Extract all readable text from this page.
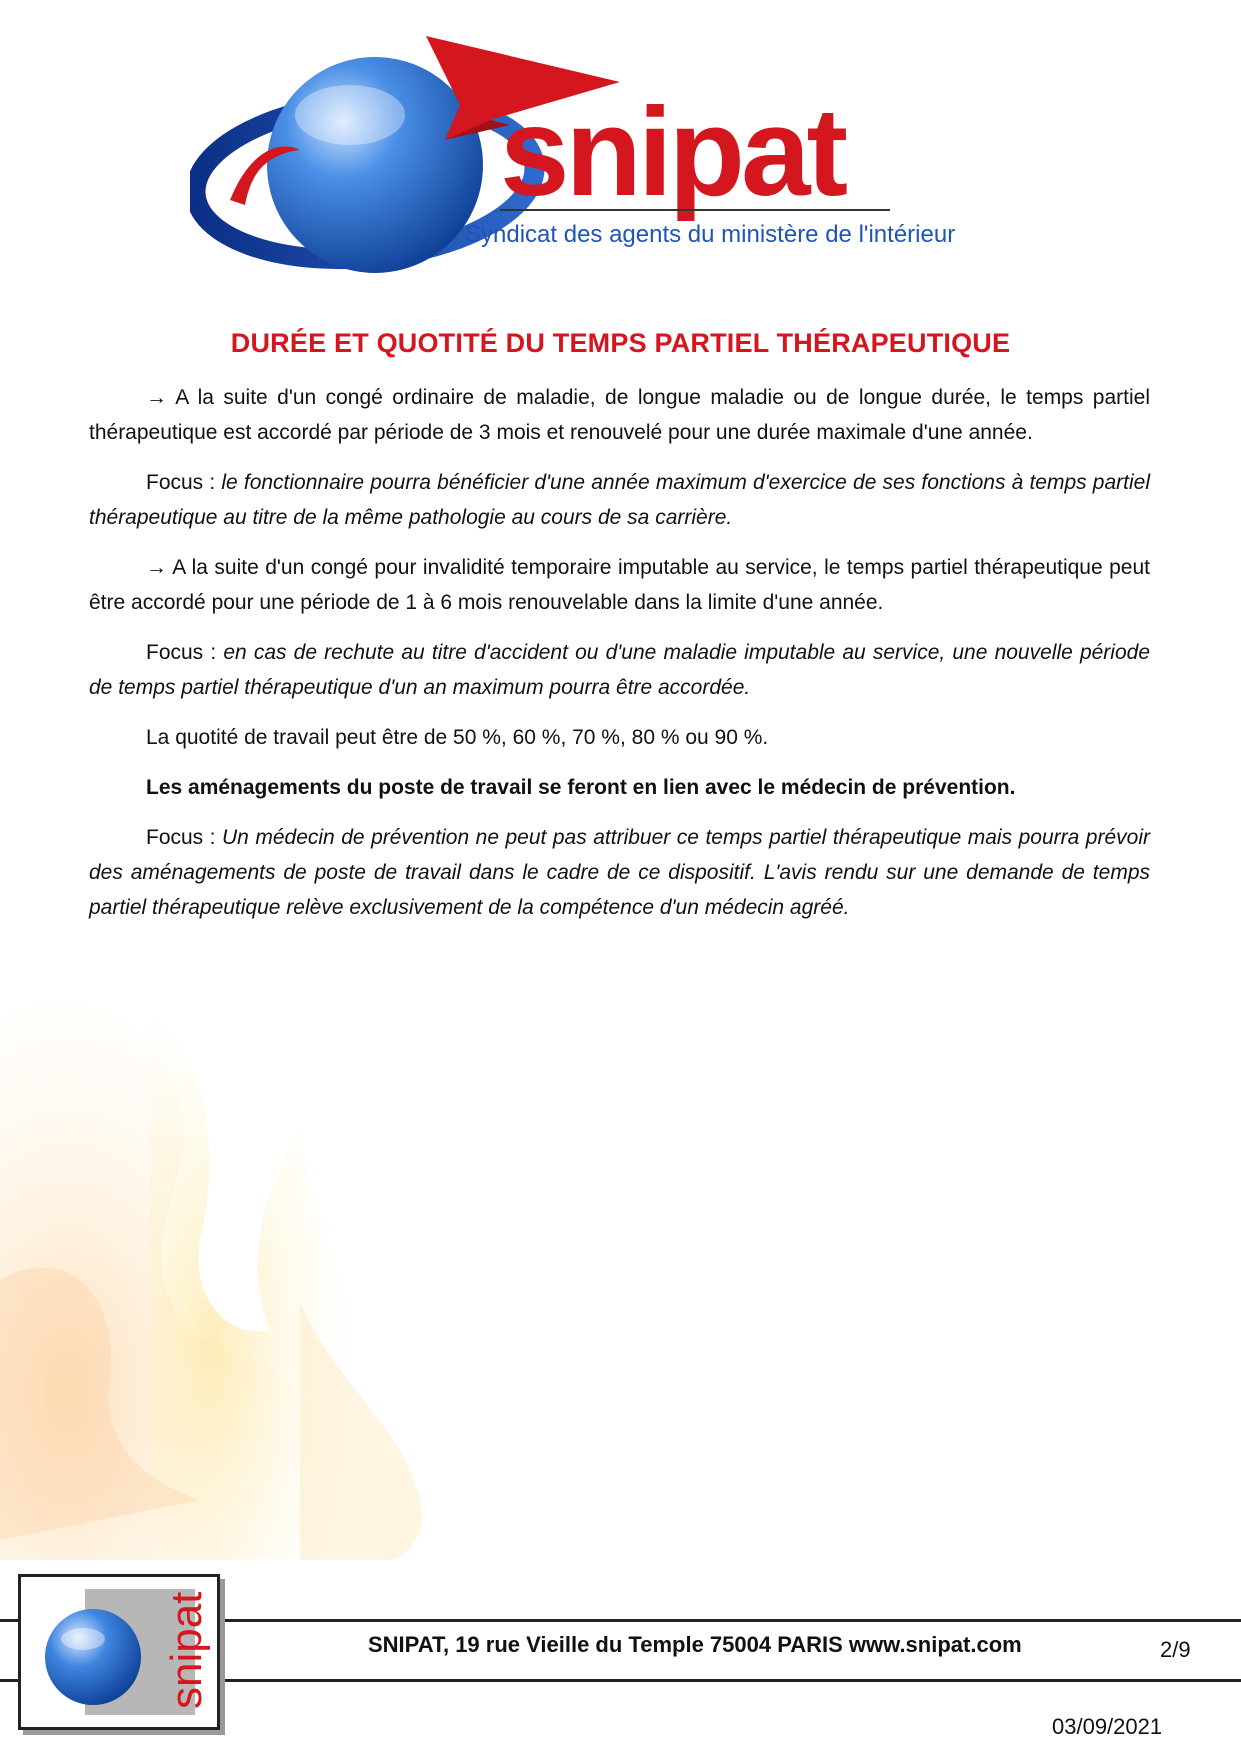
snipat
Syndicat des agents du ministère de l'intérieur
DURÉE ET QUOTITÉ DU TEMPS PARTIEL THÉRAPEUTIQUE

→ A la suite d'un congé ordinaire de maladie, de longue maladie ou de longue durée, le temps partiel thérapeutique est accordé par période de 3 mois et renouvelé pour une durée maximale d'une année.

Focus : le fonctionnaire pourra bénéficier d'une année maximum d'exercice de ses fonctions à temps partiel thérapeutique au titre de la même pathologie au cours de sa carrière.

→ A la suite d'un congé pour invalidité temporaire imputable au service, le temps partiel thérapeutique peut être accordé pour une période de 1 à 6 mois renouvelable dans la limite d'une année.

Focus : en cas de rechute au titre d'accident ou d'une maladie imputable au service, une nouvelle période de temps partiel thérapeutique d'un an maximum pourra être accordée.

La quotité de travail peut être de 50 %, 60 %, 70 %, 80 % ou 90 %.

Les aménagements du poste de travail se feront en lien avec le médecin de prévention.

Focus : Un médecin de prévention ne peut pas attribuer ce temps partiel thérapeutique mais pourra prévoir des aménagements de poste de travail dans le cadre de ce dispositif. L'avis rendu sur une demande de temps partiel thérapeutique relève exclusivement de la compétence d'un médecin agréé.

snipat	SNIPAT, 19 rue Vieille du Temple 75004 PARIS www.snipat.com	2/9
03/09/2021
